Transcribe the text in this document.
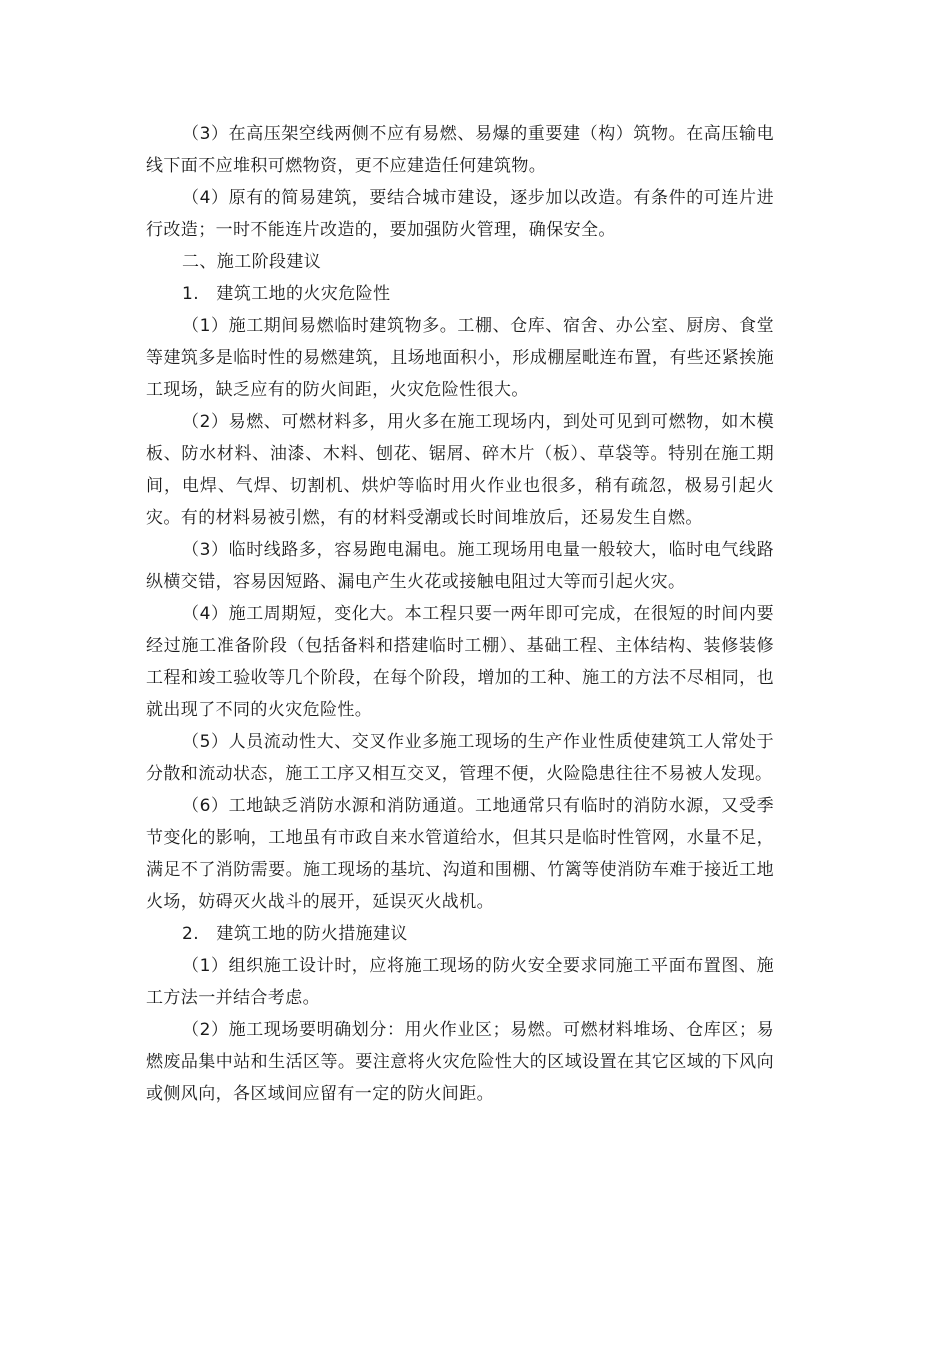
（3）在高压架空线两侧不应有易燃、易爆的重要建（构）筑物。在高压输电线下面不应堆积可燃物资，更不应建造任何建筑物。

（4）原有的简易建筑，要结合城市建设，逐步加以改造。有条件的可连片进行改造；一时不能连片改造的，要加强防火管理，确保安全。

二、施工阶段建议

1.　建筑工地的火灾危险性

（1）施工期间易燃临时建筑物多。工棚、仓库、宿舍、办公室、厨房、食堂等建筑多是临时性的易燃建筑，且场地面积小，形成棚屋毗连布置，有些还紧挨施工现场，缺乏应有的防火间距，火灾危险性很大。

（2）易燃、可燃材料多，用火多在施工现场内，到处可见到可燃物，如木模板、防水材料、油漆、木料、刨花、锯屑、碎木片（板）、草袋等。特别在施工期间，电焊、气焊、切割机、烘炉等临时用火作业也很多，稍有疏忽，极易引起火灾。有的材料易被引燃，有的材料受潮或长时间堆放后，还易发生自燃。

（3）临时线路多，容易跑电漏电。施工现场用电量一般较大，临时电气线路纵横交错，容易因短路、漏电产生火花或接触电阻过大等而引起火灾。

（4）施工周期短，变化大。本工程只要一两年即可完成，在很短的时间内要经过施工准备阶段（包括备料和搭建临时工棚）、基础工程、主体结构、装修装修工程和竣工验收等几个阶段，在每个阶段，增加的工种、施工的方法不尽相同，也就出现了不同的火灾危险性。

（5）人员流动性大、交叉作业多施工现场的生产作业性质使建筑工人常处于分散和流动状态，施工工序又相互交叉，管理不便，火险隐患往往不易被人发现。

（6）工地缺乏消防水源和消防通道。工地通常只有临时的消防水源，又受季节变化的影响，工地虽有市政自来水管道给水，但其只是临时性管网，水量不足，满足不了消防需要。施工现场的基坑、沟道和围棚、竹篱等使消防车难于接近工地火场，妨碍灭火战斗的展开，延误灭火战机。

2.　建筑工地的防火措施建议

（1）组织施工设计时，应将施工现场的防火安全要求同施工平面布置图、施工方法一并结合考虑。

（2）施工现场要明确划分：用火作业区；易燃。可燃材料堆场、仓库区；易燃废品集中站和生活区等。要注意将火灾危险性大的区域设置在其它区域的下风向或侧风向，各区域间应留有一定的防火间距。
